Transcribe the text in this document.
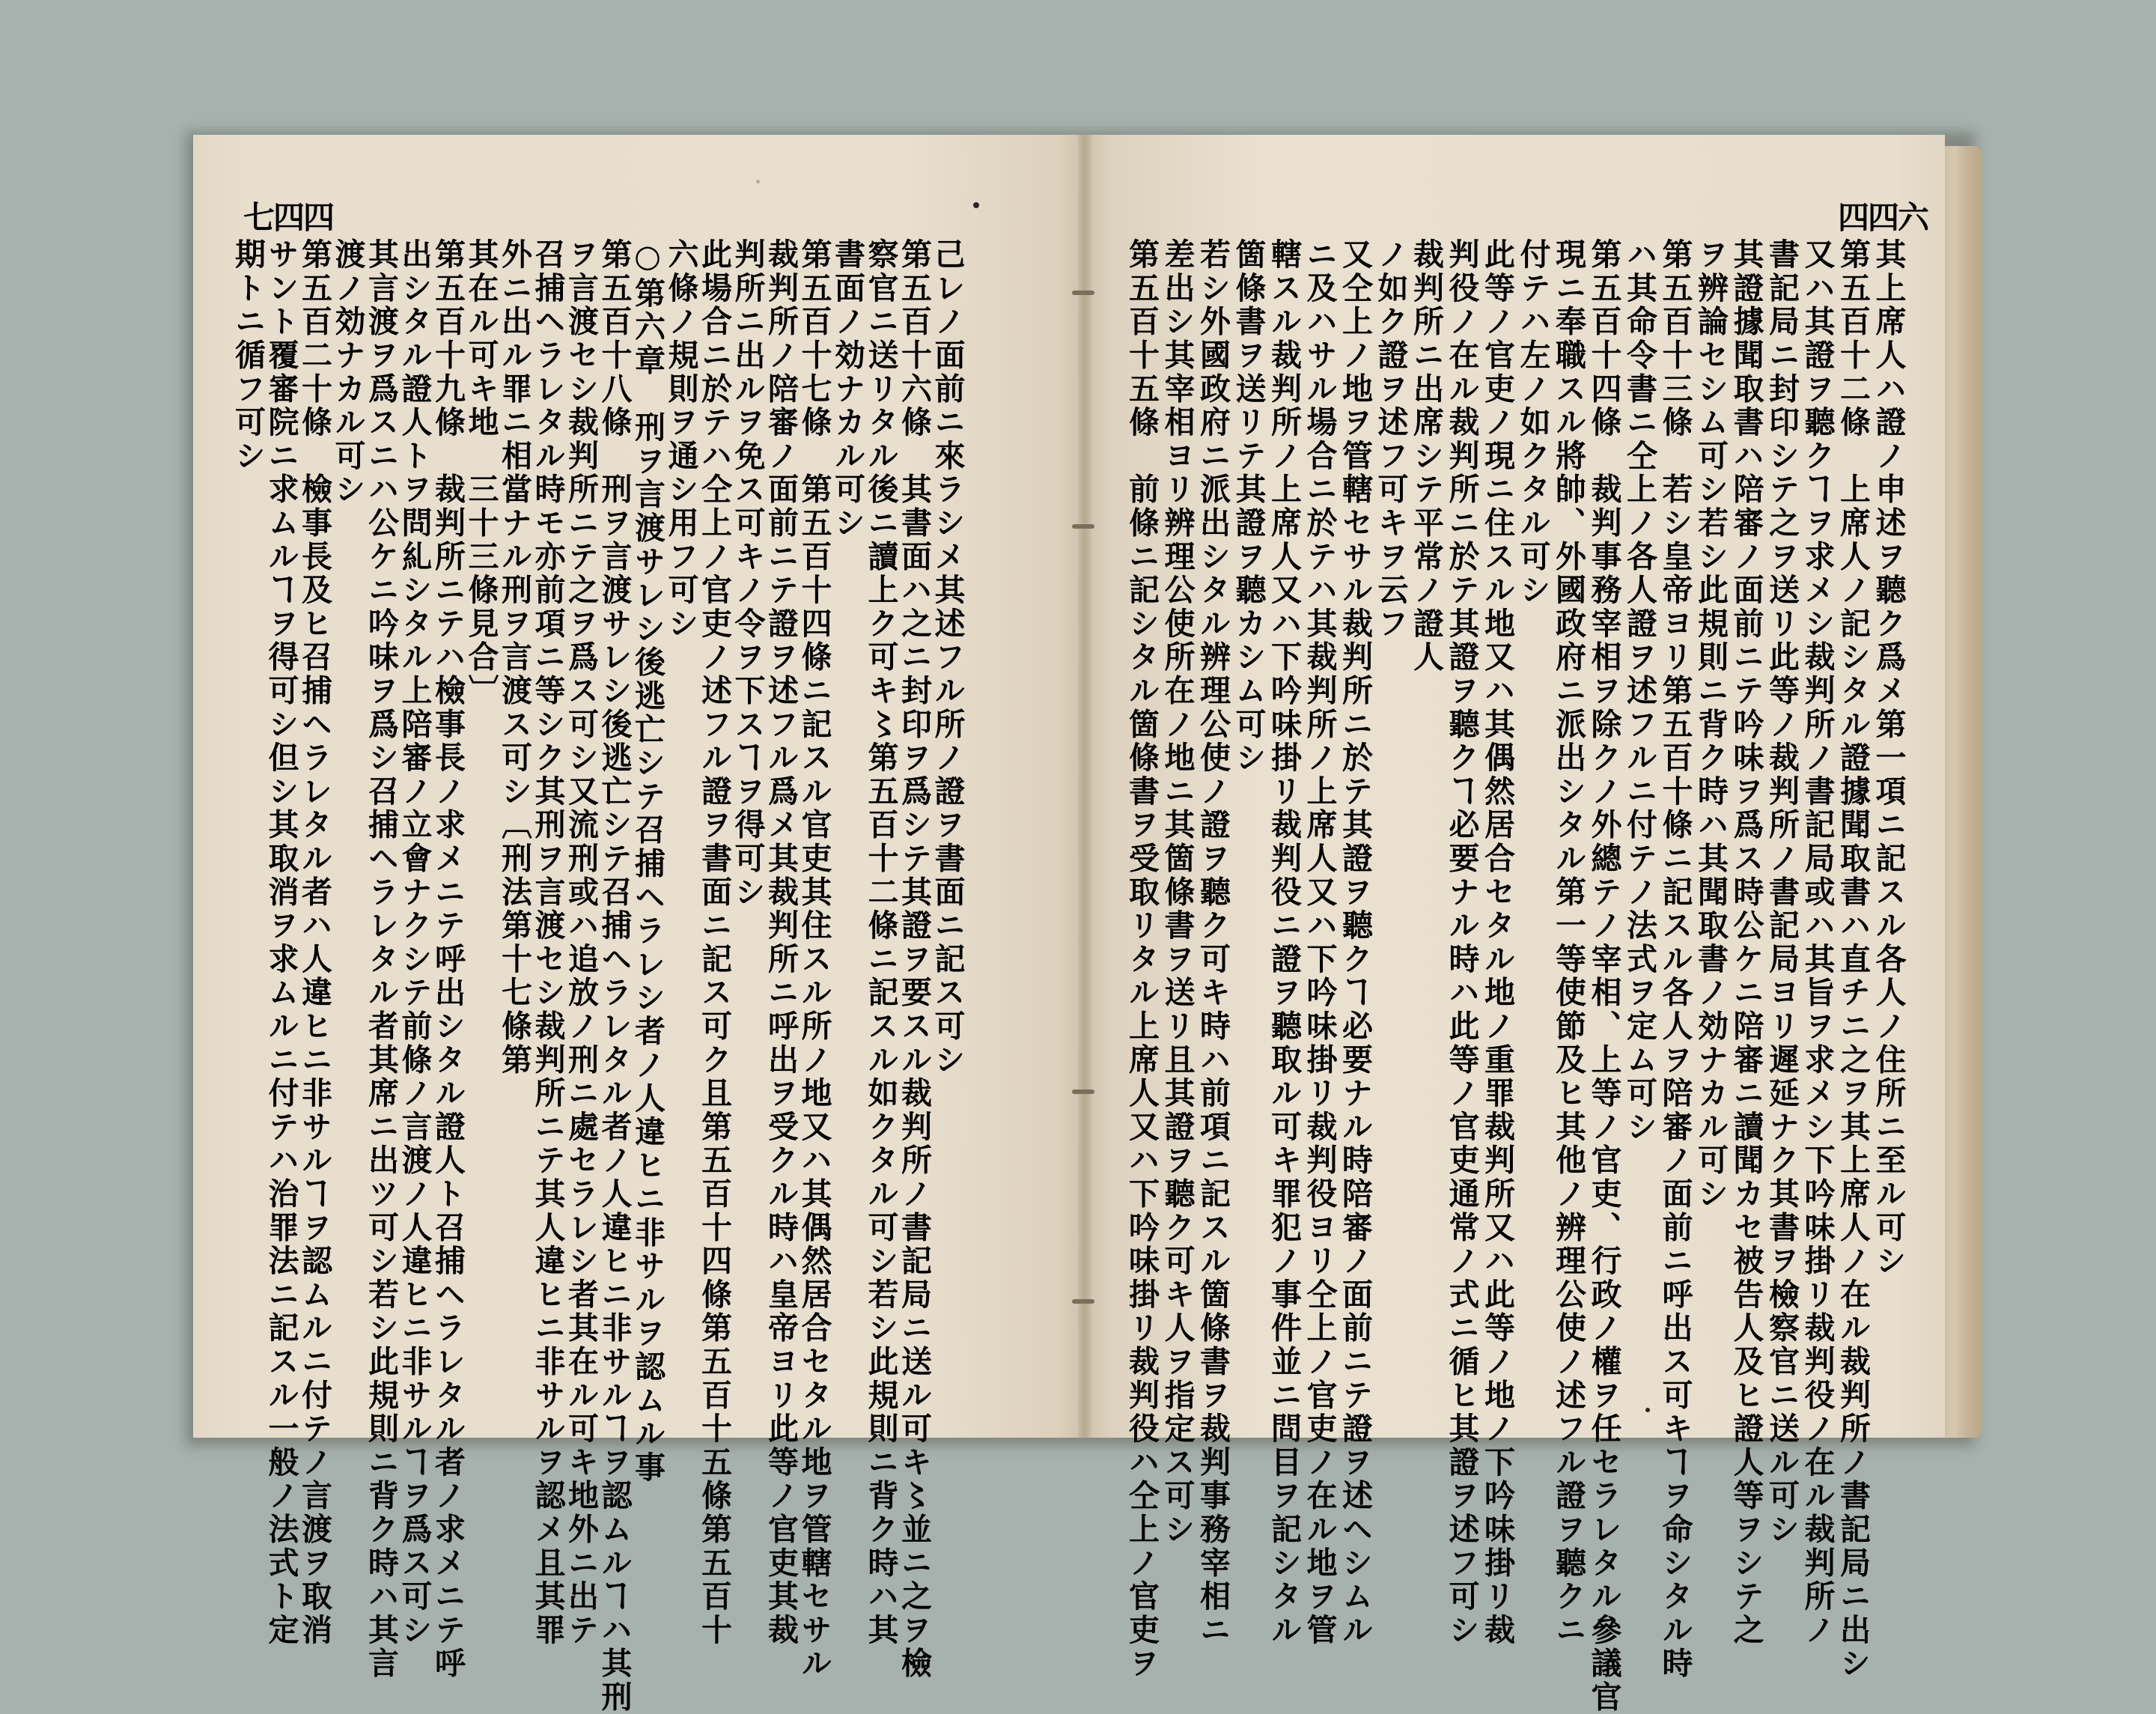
七四四	四四六
己レノ面前ニ來ラシメ其述フル所ノ證ヲ書面ニ記ス可シ
第五百十六條　其書面ハ之ニ封印ヲ爲シテ其證ヲ要スル裁判所ノ書記局ニ送ル可キ〻並ニ之ヲ檢
察官ニ送リタル後ニ讀上ク可キ〻第五百十二條ニ記スル如クタル可シ若シ此規則ニ背ク時ハ其
書面ノ効ナカル可シ
第五百十七條　第五百十四條ニ記スル官吏其住スル所ノ地又ハ其偶然居合セタル地ヲ管轄セサル
裁判所ノ陪審ノ面前ニテ證ヲ述フル爲メ其裁判所ニ呼出ヲ受クル時ハ皇帝ヨリ此等ノ官吏其裁
判所ニ出ルヲ免ス可キノ令ヲ下スヿヲ得可シ
此場合ニ於テハ仝上ノ官吏ノ述フル證ヲ書面ニ記ス可ク且第五百十四條第五百十五條第五百十
六條ノ規則ヲ通シ用フ可シ
○第六章　刑ヲ言渡サレシ後逃亡シテ召捕ヘラレシ者ノ人違ヒニ非サルヲ認ムル事
第五百十八條　刑ヲ言渡サレシ後逃亡シテ召捕ヘラレタル者ノ人違ヒニ非サルヿヲ認ムルヿハ其刑
ヲ言渡セシ裁判所ニテ之ヲ爲ス可シ又流刑或ハ追放ノ刑ニ處セラレシ者其在ル可キ地外ニ出テ
召捕ヘラレタル時モ亦前項ニ等シク其刑ヲ言渡セシ裁判所ニテ其人違ヒニ非サルヲ認メ且其罪
外ニ出ル罪ニ相當ナル刑ヲ言渡ス可シ〔刑法第十七條第
其在ル可キ地　三十三條見合〕
第五百十九條　裁判所ニテハ檢事長ノ求メニテ呼出シタル證人ト召捕ヘラレタル者ノ求メニテ呼
出シタル證人トヲ問糺シタル上陪審ノ立會ナクシテ前條ノ言渡ノ人違ヒニ非サルヿヲ爲ス可シ
其言渡ヲ爲スニハ公ケニ吟味ヲ爲シ召捕ヘラレタル者其席ニ出ツ可シ若シ此規則ニ背ク時ハ其言
渡ノ効ナカル可シ
第五百二十條　檢事長及ヒ召捕ヘラレタル者ハ人違ヒニ非サルヿヲ認ムルニ付テノ言渡ヲ取消
サント覆審院ニ求ムルヿヲ得可シ但シ其取消ヲ求ムルニ付テハ治罪法ニ記スル一般ノ法式ト定
期トニ循フ可シ	其上席人ハ證ノ申述ヲ聽ク爲メ第一項ニ記スル各人ノ住所ニ至ル可シ
第五百十二條　上席人ノ記シタル證據聞取書ハ直チニ之ヲ其上席人ノ在ル裁判所ノ書記局ニ出シ
又ハ其證ヲ聽クヿヲ求メシ裁判所ノ書記局或ハ其旨ヲ求メシ下吟味掛リ裁判役ノ在ル裁判所ノ
書記局ニ封印シテ之ヲ送リ此等ノ裁判所ノ書記局ヨリ遲延ナク其書ヲ檢察官ニ送ル可シ
其證據聞取書ハ陪審ノ面前ニテ吟味ヲ爲ス時公ケニ陪審ニ讀聞カセ被告人及ヒ證人等ヲシテ之
ヲ辨論セシム可シ若シ此規則ニ背ク時ハ其聞取書ノ効ナカル可シ
第五百十三條　若シ皇帝ヨリ第五百十條ニ記スル各人ヲ陪審ノ面前ニ呼出ス可キヿヲ命シタル時
ハ其命令書ニ仝上ノ各人證ヲ述フルニ付テノ法式ヲ定ム可シ
第五百十四條　裁判事務宰相ヲ除クノ外總テノ宰相、上等ノ官吏、行政ノ權ヲ任セラレタル參議官
現ニ奉職スル將帥、外國政府ニ派出シタル第一等使節及ヒ其他ノ辨理公使ノ述フル證ヲ聽クニ
付テハ左ノ如クタル可シ
此等ノ官吏ノ現ニ住スル地又ハ其偶然居合セタル地ノ重罪裁判所又ハ此等ノ地ノ下吟味掛リ裁
判役ノ在ル裁判所ニ於テ其證ヲ聽クヿ必要ナル時ハ此等ノ官吏通常ノ式ニ循ヒ其證ヲ述フ可シ
裁判所ニ出席シテ平常ノ證人
ノ如ク證ヲ述フ可キヲ云フ
又仝上ノ地ヲ管轄セサル裁判所ニ於テ其證ヲ聽クヿ必要ナル時陪審ノ面前ニテ證ヲ述ヘシムル
ニ及ハサル場合ニ於テハ其裁判所ノ上席人又ハ下吟味掛リ裁判役ヨリ仝上ノ官吏ノ在ル地ヲ管
轄スル裁判所ノ上席人又ハ下吟味掛リ裁判役ニ證ヲ聽取ル可キ罪犯ノ事件並ニ問目ヲ記シタル
箇條書ヲ送リテ其證ヲ聽カシム可シ
若シ外國政府ニ派出シタル辨理公使ノ證ヲ聽ク可キ時ハ前項ニ記スル箇條書ヲ裁判事務宰相ニ
差出シ其宰相ヨリ辨理公使所在ノ地ニ其箇條書ヲ送リ且其證ヲ聽ク可キ人ヲ指定ス可シ
第五百十五條　前條ニ記シタル箇條書ヲ受取リタル上席人又ハ下吟味掛リ裁判役ハ仝上ノ官吏ヲ
